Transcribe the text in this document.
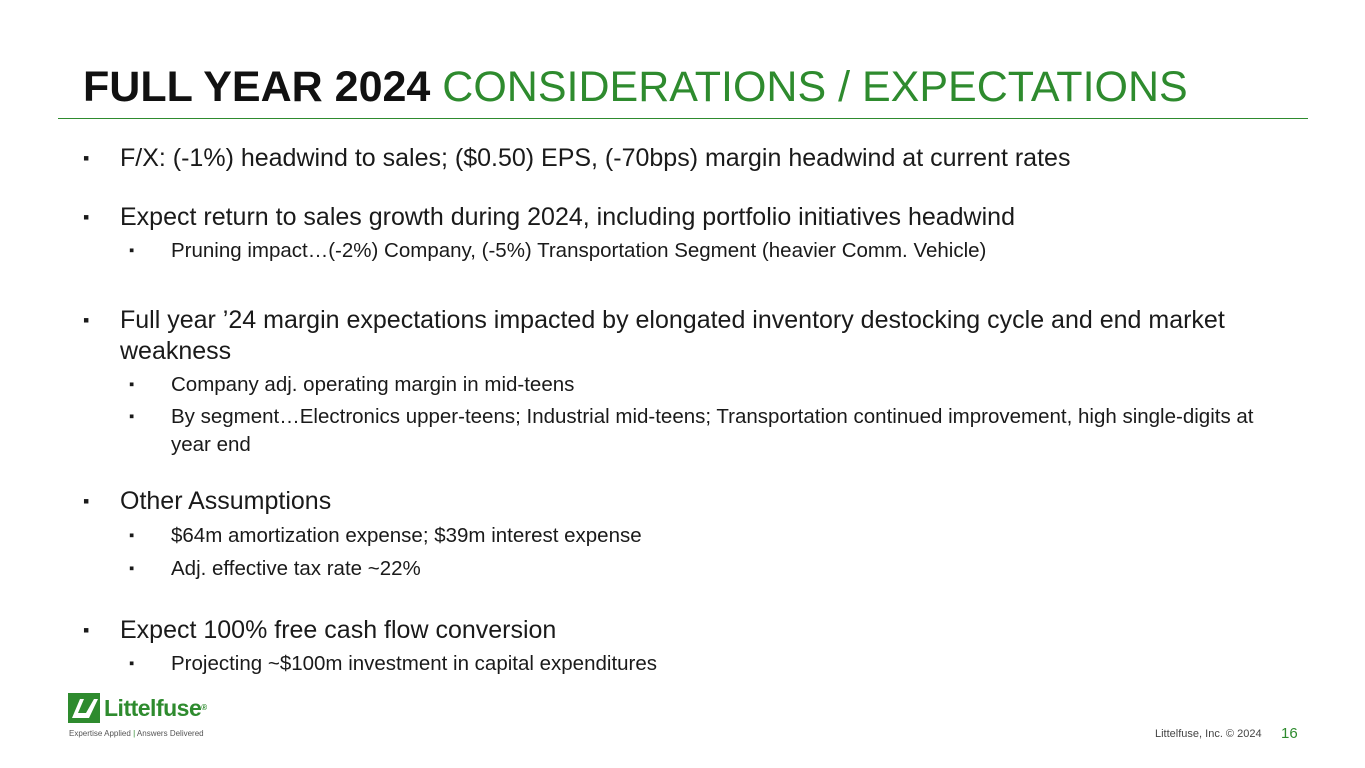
FULL YEAR 2024 CONSIDERATIONS / EXPECTATIONS
▪ F/X: (-1%) headwind to sales; ($0.50) EPS, (-70bps) margin headwind at current rates
▪ Expect return to sales growth during 2024, including portfolio initiatives headwind
▪ Pruning impact…(-2%) Company, (-5%) Transportation Segment (heavier Comm. Vehicle)
▪ Full year ’24 margin expectations impacted by elongated inventory destocking cycle and end market weakness
▪ Company adj. operating margin in mid-teens
▪ By segment…Electronics upper-teens; Industrial mid-teens; Transportation continued improvement, high single-digits at year end
▪ Other Assumptions
▪ $64m amortization expense; $39m interest expense
▪ Adj. effective tax rate ~22%
▪ Expect 100% free cash flow conversion
▪ Projecting ~$100m investment in capital expenditures
Littelfuse®
Expertise Applied | Answers Delivered	Littelfuse, Inc. © 2024 16
